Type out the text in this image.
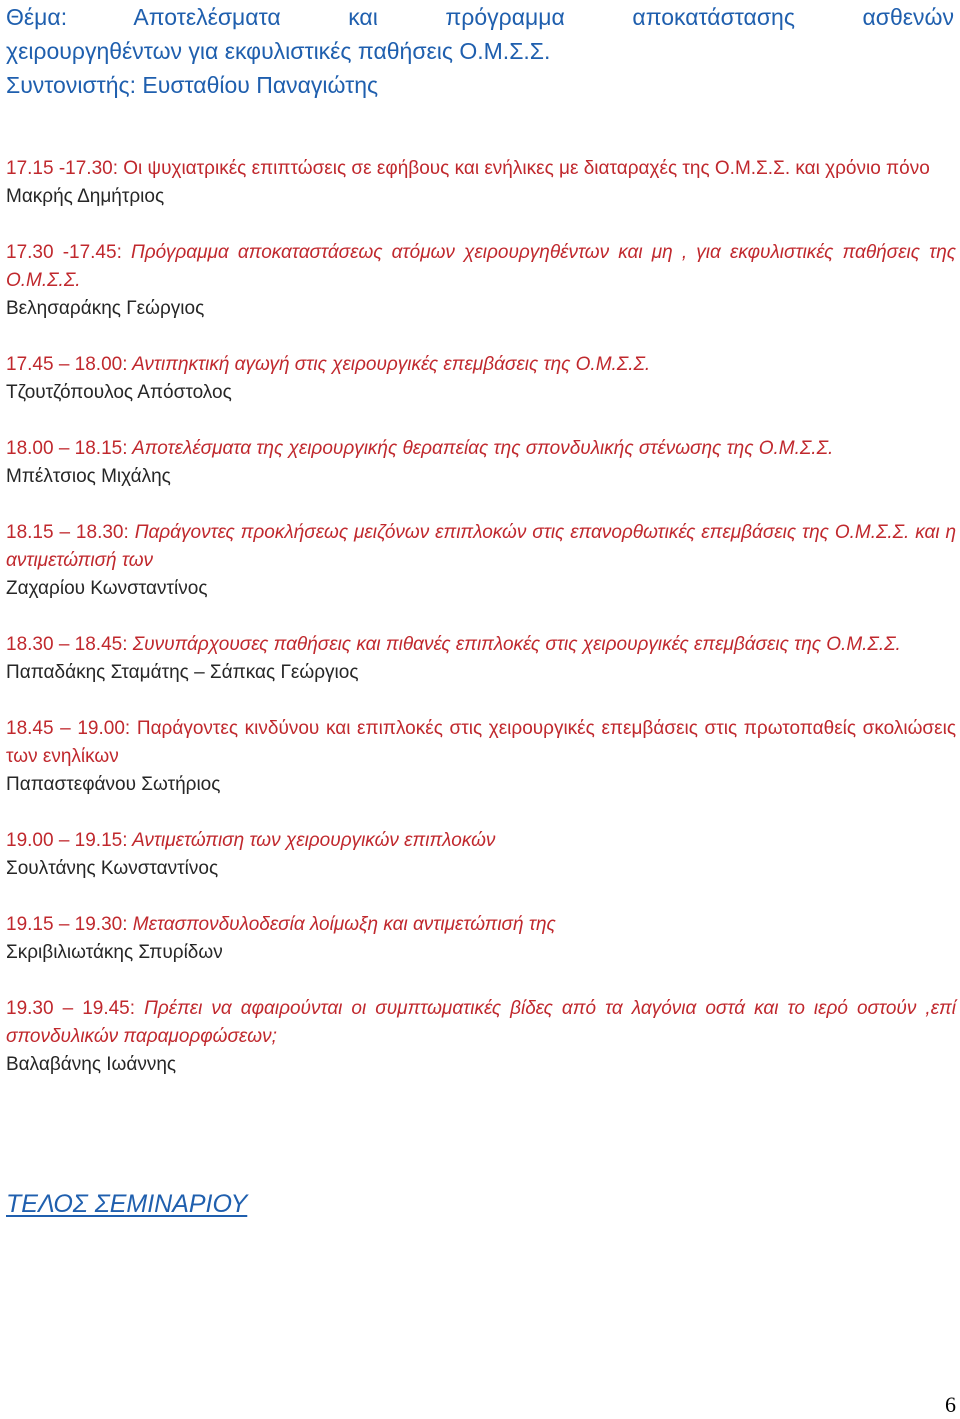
Θέμα: Αποτελέσματα και πρόγραμμα αποκατάστασης ασθενών
χειρουργηθέντων για εκφυλιστικές παθήσεις Ο.Μ.Σ.Σ.
Συντονιστής: Ευσταθίου Παναγιώτης
17.15 -17.30: Οι ψυχιατρικές επιπτώσεις σε εφήβους και ενήλικες με διαταραχές της Ο.Μ.Σ.Σ. και χρόνιο πόνο
Μακρής Δημήτριος
17.30 -17.45: Πρόγραμμα αποκαταστάσεως ατόμων χειρουργηθέντων και μη , για εκφυλιστικές παθήσεις της Ο.Μ.Σ.Σ.
Βελησαράκης Γεώργιος
17.45 – 18.00: Αντιπηκτική αγωγή στις χειρουργικές επεμβάσεις της Ο.Μ.Σ.Σ.
Τζουτζόπουλος Απόστολος
18.00 – 18.15: Αποτελέσματα της χειρουργικής θεραπείας της σπονδυλικής στένωσης της Ο.Μ.Σ.Σ.
Μπέλτσιος Μιχάλης
18.15 – 18.30: Παράγοντες προκλήσεως μειζόνων επιπλοκών στις επανορθωτικές επεμβάσεις της Ο.Μ.Σ.Σ. και η αντιμετώπισή των
Ζαχαρίου Κωνσταντίνος
18.30 – 18.45: Συνυπάρχουσες παθήσεις και πιθανές επιπλοκές στις χειρουργικές επεμβάσεις της Ο.Μ.Σ.Σ.
Παπαδάκης Σταμάτης – Σάπκας Γεώργιος
18.45 – 19.00: Παράγοντες κινδύνου και επιπλοκές στις χειρουργικές επεμβάσεις στις πρωτοπαθείς σκολιώσεις των ενηλίκων
Παπαστεφάνου Σωτήριος
19.00 – 19.15: Αντιμετώπιση των χειρουργικών επιπλοκών
Σουλτάνης Κωνσταντίνος
19.15 – 19.30: Μετασπονδυλοδεσία λοίμωξη και αντιμετώπισή της
Σκριβιλιωτάκης Σπυρίδων
19.30 – 19.45: Πρέπει να αφαιρούνται οι συμπτωματικές βίδες από τα λαγόνια οστά και το ιερό οστούν ,επί σπονδυλικών παραμορφώσεων;
Βαλαβάνης Ιωάννης
ΤΕΛΟΣ ΣΕΜΙΝΑΡΙΟΥ
6
